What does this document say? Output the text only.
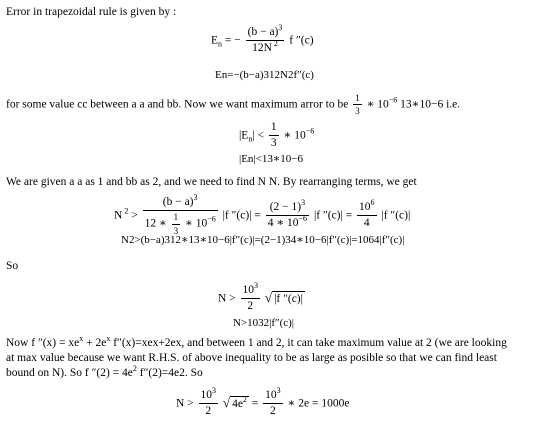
Error in trapezoidal rule is given by :
$E_n$ = − $\frac{(b - a)^3}{12N ^2}$ f ″(c)
En=−(b−a)312N2f″(c)
for some value cc between a a and bb. Now we want maximum arror to be $\frac{1}{3}$ ∗ $10^{-6}$ 13∗10−6 i.e.
$|E_n| < \frac{1}{3}$ ∗ $10^{-6}$
|En|<13∗10−6
We are given a a as 1 and bb as 2, and we need to find N N. By rearranging terms, we get
N $^2 > \frac{(b - a)^3}{12 ∗ \frac{1}{3} ∗ 10^{-6}} |f$ $''(c)| = \frac{(2 - 1)^3}{4 ∗ 10^{-6}} |f$ $''(c)| = \frac{10^6}{4} |f$ ″(c)|
N2>(b−a)312∗13∗10−6|f″(c)|=(2−1)34∗10−6|f″(c)|=1064|f″(c)|
So
$N > \frac{10^3}{2}$ √ |f ″(c)|
N>1032|f″(c)|
Now f $''(x) = xe^x + 2e^x$ f″(x)=xex+2ex, and between 1 and 2, it can take maximum value at 2 (we are looking
at max value because we want R.H.S. of above inequality to be as large as posible so that we can find least
bound on N). So f $''(2) = 4e^2$ f″(2)=4e2. So
$N > \frac{10^3}{2}$ √ $4e^2 = \frac{10^3}{2}$ ∗ 2e = 1000e
